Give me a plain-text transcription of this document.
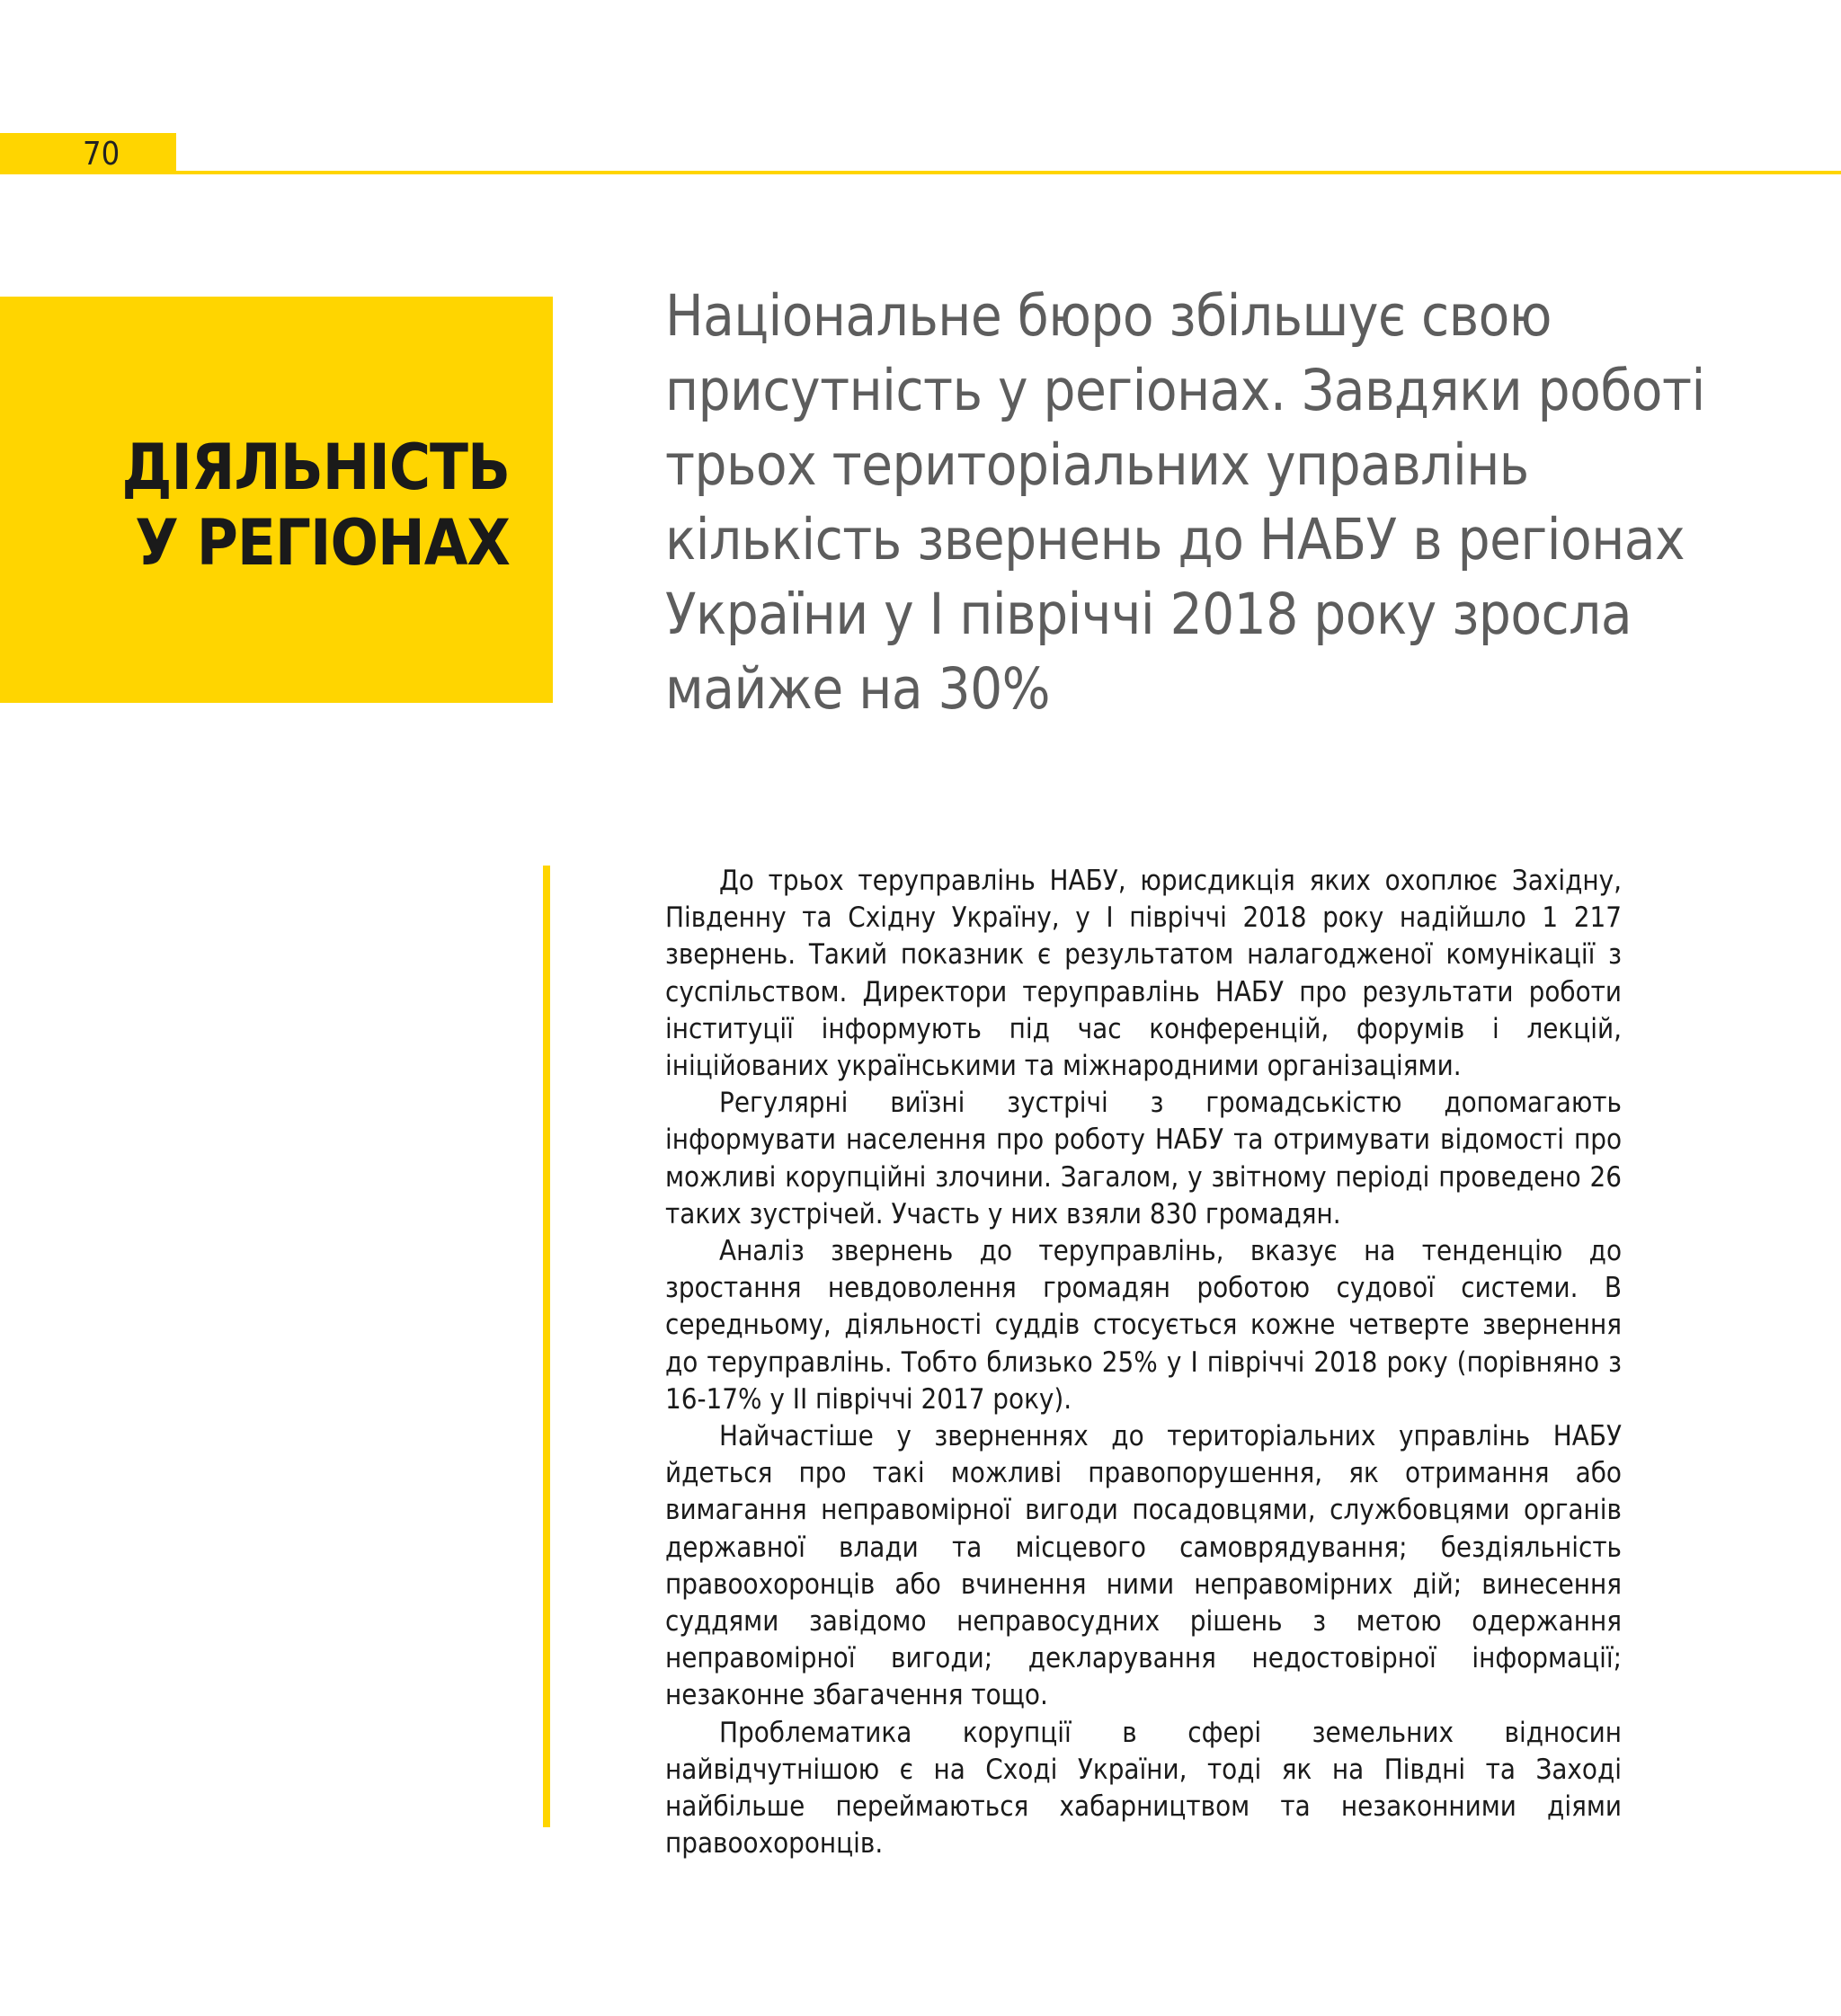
70
ДІЯЛЬНІСТЬ
У РЕГІОНАХ
Національне бюро збільшує свою присутність у регіонах. Завдяки роботі трьох територіальних управлінь кількість звернень до НАБУ в регіонах України у І півріччі 2018 року зросла майже на 30%

До трьох теруправлінь НАБУ, юрисдикція яких охоплює Західну, Південну та Східну Україну, у І півріччі 2018 року надійшло 1 217 звернень. Такий показник є результатом налагодженої комунікації з суспільством. Директори теруправлінь НАБУ про результати роботи інституції інформують під час конференцій, форумів і лекцій, ініційованих українськими та міжнародними організаціями.

Регулярні виїзні зустрічі з громадськістю допомагають інформувати населення про роботу НАБУ та отримувати відомості про можливі корупційні злочини. Загалом, у звітному періоді проведено 26 таких зустрічей. Участь у них взяли 830 громадян.

Аналіз звернень до теруправлінь, вказує на тенденцію до зростання невдоволення громадян роботою судової системи. В середньому, діяльності суддів стосується кожне четверте звернення до теруправлінь. Тобто близько 25% у І півріччі 2018 року (порівняно з 16-17% у ІІ півріччі 2017 року).

Найчастіше у зверненнях до територіальних управлінь НАБУ йдеться про такі можливі правопорушення, як отримання або вимагання неправомірної вигоди посадовцями, службовцями органів державної влади та місцевого самоврядування; бездіяльність правоохоронців або вчинення ними неправомірних дій; винесення суддями завідомо неправосудних рішень з метою одержання неправомірної вигоди; декларування недостовірної інформації; незаконне збагачення тощо.

Проблематика корупції в сфері земельних відносин найвідчутнішою є на Сході України, тоді як на Півдні та Заході найбільше переймаються хабарництвом та незаконними діями правоохоронців.
